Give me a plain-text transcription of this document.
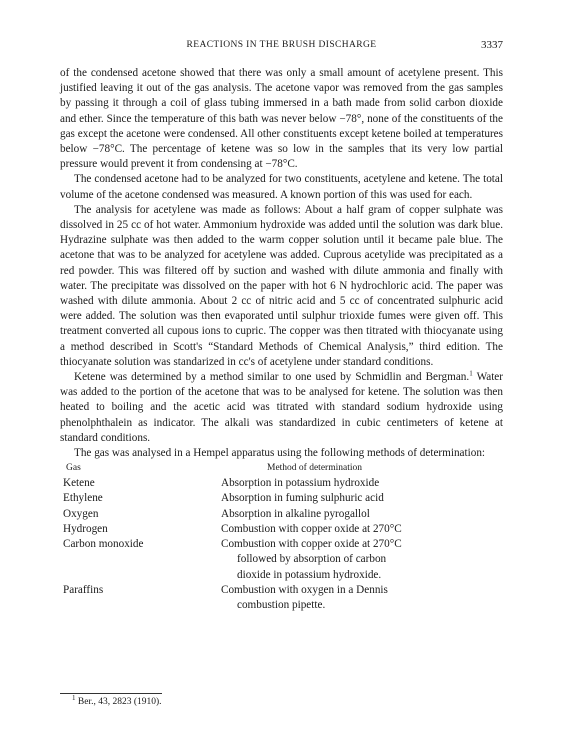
REACTIONS IN THE BRUSH DISCHARGE	3337

of the condensed acetone showed that there was only a small amount of acetylene present. This justified leaving it out of the gas analysis. The acetone vapor was removed from the gas samples by passing it through a coil of glass tubing immersed in a bath made from solid carbon dioxide and ether. Since the temperature of this bath was never below −78°, none of the constituents of the gas except the acetone were condensed. All other constituents except ketene boiled at temperatures below −78°C. The percentage of ketene was so low in the samples that its very low partial pressure would prevent it from condensing at −78°C.

The condensed acetone had to be analyzed for two constituents, acetylene and ketene. The total volume of the acetone condensed was measured. A known portion of this was used for each.

The analysis for acetylene was made as follows: About a half gram of copper sulphate was dissolved in 25 cc of hot water. Ammonium hydroxide was added until the solution was dark blue. Hydrazine sulphate was then added to the warm copper solution until it became pale blue. The acetone that was to be analyzed for acetylene was added. Cuprous acetylide was precipitated as a red powder. This was filtered off by suction and washed with dilute ammonia and finally with water. The precipitate was dissolved on the paper with hot 6 N hydrochloric acid. The paper was washed with dilute ammonia. About 2 cc of nitric acid and 5 cc of concentrated sulphuric acid were added. The solution was then evaporated until sulphur trioxide fumes were given off. This treatment converted all cupous ions to cupric. The copper was then titrated with thiocyanate using a method described in Scott's “Standard Methods of Chemical Analysis,” third edition. The thiocyanate solution was standarized in cc's of acetylene under standard conditions.

Ketene was determined by a method similar to one used by Schmidlin and Bergman.$^1$ Water was added to the portion of the acetone that was to be analysed for ketene. The solution was then heated to boiling and the acetic acid was titrated with standard sodium hydroxide using phenolphthalein as indicator. The alkali was standardized in cubic centimeters of ketene at standard conditions.

The gas was analysed in a Hempel apparatus using the following methods of determination:

Gas	Method of determination
Ketene	Absorption in potassium hydroxide
Ethylene	Absorption in fuming sulphuric acid
Oxygen	Absorption in alkaline pyrogallol
Hydrogen	Combustion with copper oxide at 270°C
Carbon monoxide	Combustion with copper oxide at 270°C
followed by absorption of carbon
dioxide in potassium hydroxide.

Paraffins	Combustion with oxygen in a Dennis
combustion pipette.
$^1$ Ber., 43, 2823 (1910).
